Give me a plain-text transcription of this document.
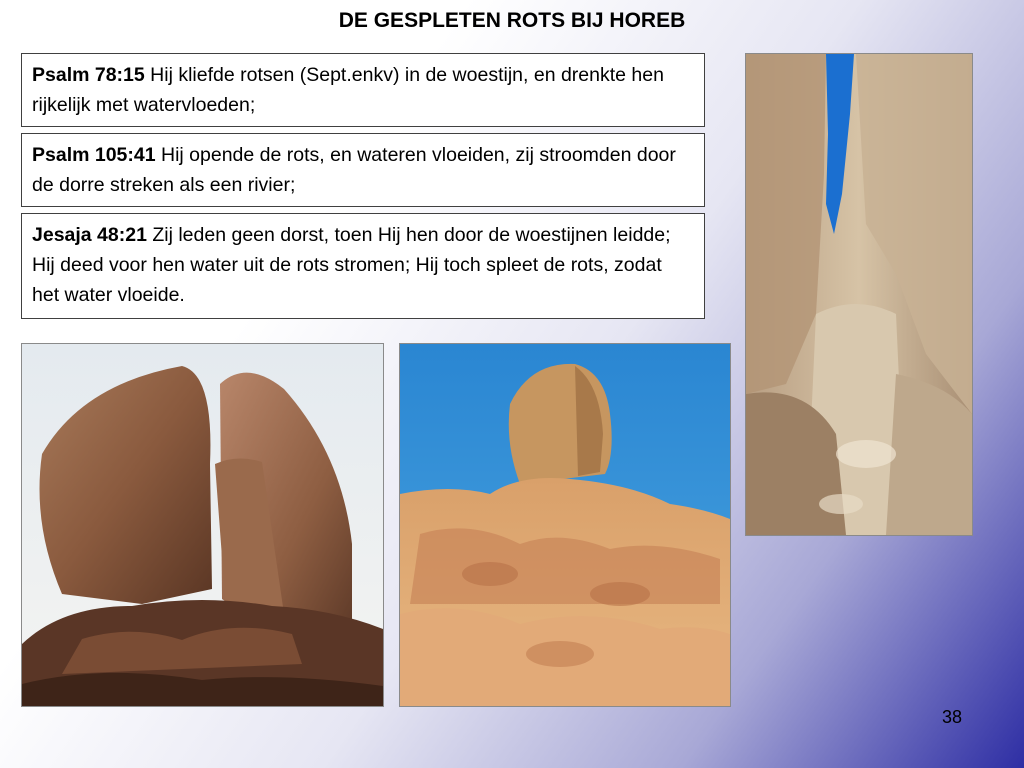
DE GESPLETEN ROTS BIJ HOREB
Psalm 78:15 Hij kliefde rotsen (Sept.enkv) in de woestijn, en drenkte hen rijkelijk met watervloeden;
Psalm 105:41 Hij opende de rots, en wateren vloeiden, zij stroomden door de dorre streken als een rivier;
Jesaja 48:21 Zij leden geen dorst, toen Hij hen door de woestijnen leidde; Hij deed voor hen water uit de rots stromen; Hij toch spleet de rots, zodat het water vloeide.
38
